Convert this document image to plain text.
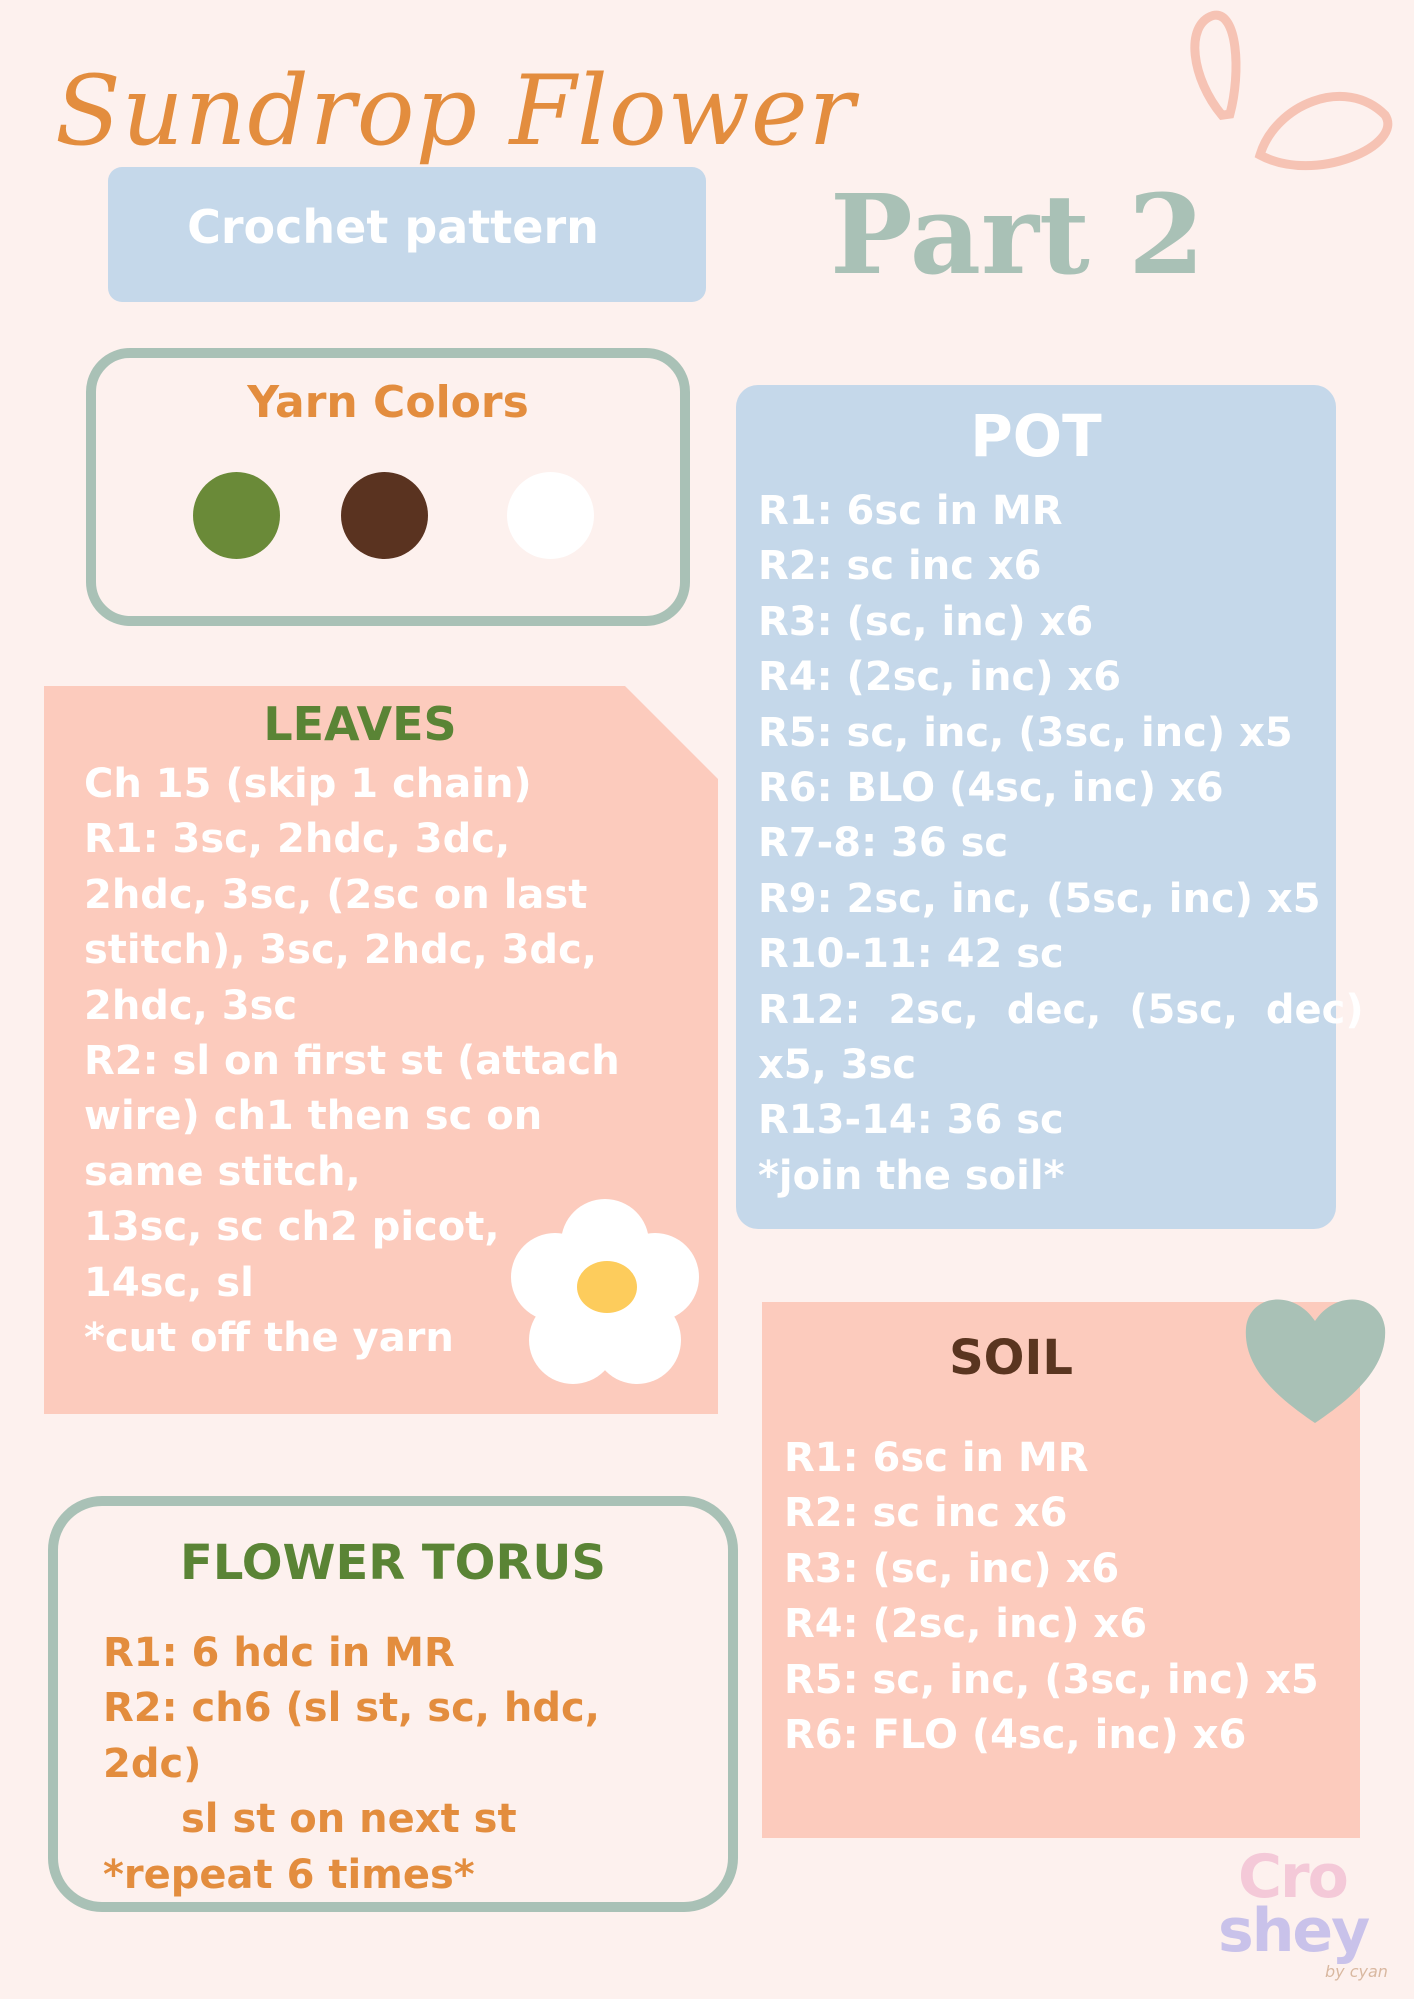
Sundrop Flower
Crochet pattern	Part 2
Yarn Colors
LEAVES
Ch 15 (skip 1 chain)
R1: 3sc, 2hdc, 3dc,
2hdc, 3sc, (2sc on last
stitch), 3sc, 2hdc, 3dc,
2hdc, 3sc
R2: sl on first st (attach
wire) ch1 then sc on
same stitch,
13sc, sc ch2 picot,
14sc, sl
*cut off the yarn
POT
R1: 6sc in MR
R2: sc inc x6
R3: (sc, inc) x6
R4: (2sc, inc) x6
R5: sc, inc, (3sc, inc) x5
R6: BLO (4sc, inc) x6
R7-8: 36 sc
R9: 2sc, inc, (5sc, inc) x5
R10-11: 42 sc
R12:  2sc,  dec,  (5sc,  dec)
x5, 3sc
R13-14: 36 sc
*join the soil*
SOIL
R1: 6sc in MR
R2: sc inc x6
R3: (sc, inc) x6
R4: (2sc, inc) x6
R5: sc, inc, (3sc, inc) x5
R6: FLO (4sc, inc) x6
FLOWER TORUS
R1: 6 hdc in MR
R2: ch6 (sl st, sc, hdc, 2dc)
sl st on next st
*repeat 6 times*	Cro
shey
by cyan
